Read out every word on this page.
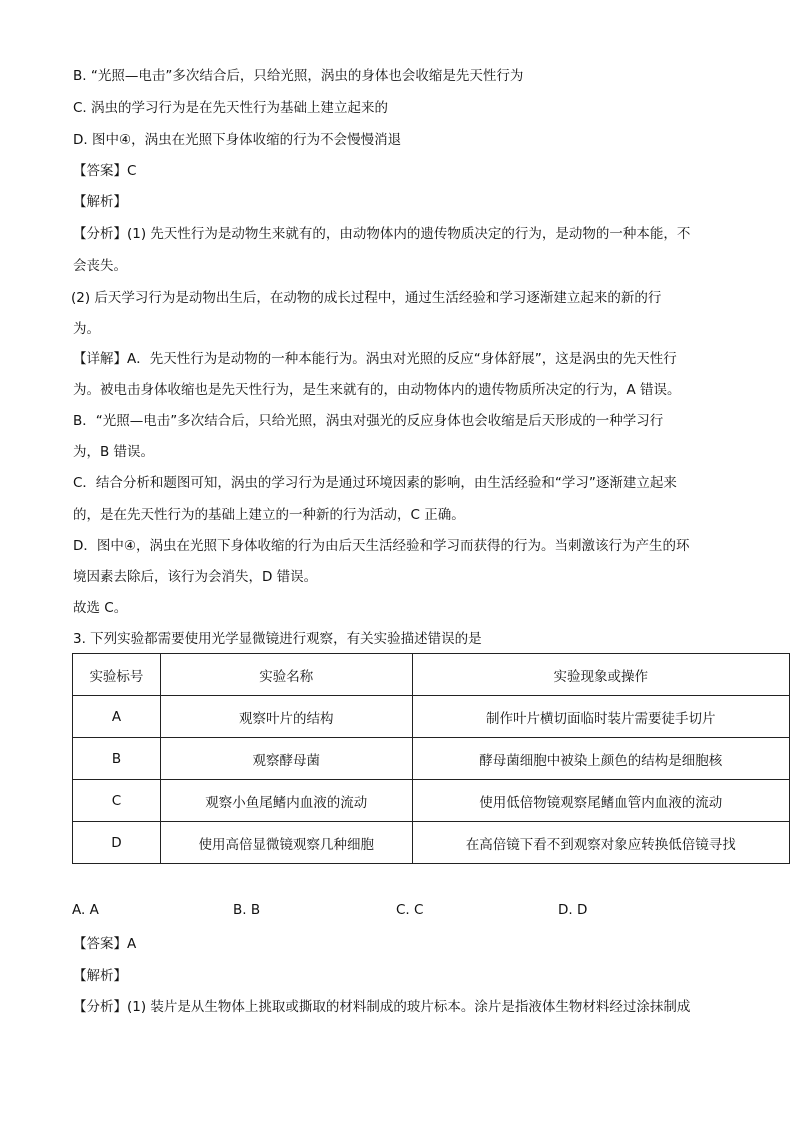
B. “光照—电击”多次结合后，只给光照，涡虫的身体也会收缩是先天性行为
C. 涡虫的学习行为是在先天性行为基础上建立起来的
D. 图中④，涡虫在光照下身体收缩的行为不会慢慢消退
【答案】C
【解析】
【分析】(1) 先天性行为是动物生来就有的，由动物体内的遗传物质决定的行为，是动物的一种本能，不
会丧失。
(2) 后天学习行为是动物出生后，在动物的成长过程中，通过生活经验和学习逐渐建立起来的新的行
为。
【详解】A．先天性行为是动物的一种本能行为。涡虫对光照的反应“身体舒展”，这是涡虫的先天性行
为。被电击身体收缩也是先天性行为，是生来就有的，由动物体内的遗传物质所决定的行为，A 错误。
B．“光照—电击”多次结合后，只给光照，涡虫对强光的反应身体也会收缩是后天形成的一种学习行
为，B 错误。
C．结合分析和题图可知，涡虫的学习行为是通过环境因素的影响，由生活经验和“学习”逐渐建立起来
的，是在先天性行为的基础上建立的一种新的行为活动，C 正确。
D．图中④，涡虫在光照下身体收缩的行为由后天生活经验和学习而获得的行为。当刺激该行为产生的环
境因素去除后，该行为会消失，D 错误。
故选 C。
3. 下列实验都需要使用光学显微镜进行观察，有关实验描述错误的是
实验标号	实验名称	实验现象或操作
A	观察叶片的结构	制作叶片横切面临时装片需要徒手切片
B	观察酵母菌	酵母菌细胞中被染上颜色的结构是细胞核
C	观察小鱼尾鳍内血液的流动	使用低倍物镜观察尾鳍血管内血液的流动
D	使用高倍显微镜观察几种细胞	在高倍镜下看不到观察对象应转换低倍镜寻找
A. A	B. B	C. C	D. D
【答案】A
【解析】
【分析】(1) 装片是从生物体上挑取或撕取的材料制成的玻片标本。涂片是指液体生物材料经过涂抹制成
